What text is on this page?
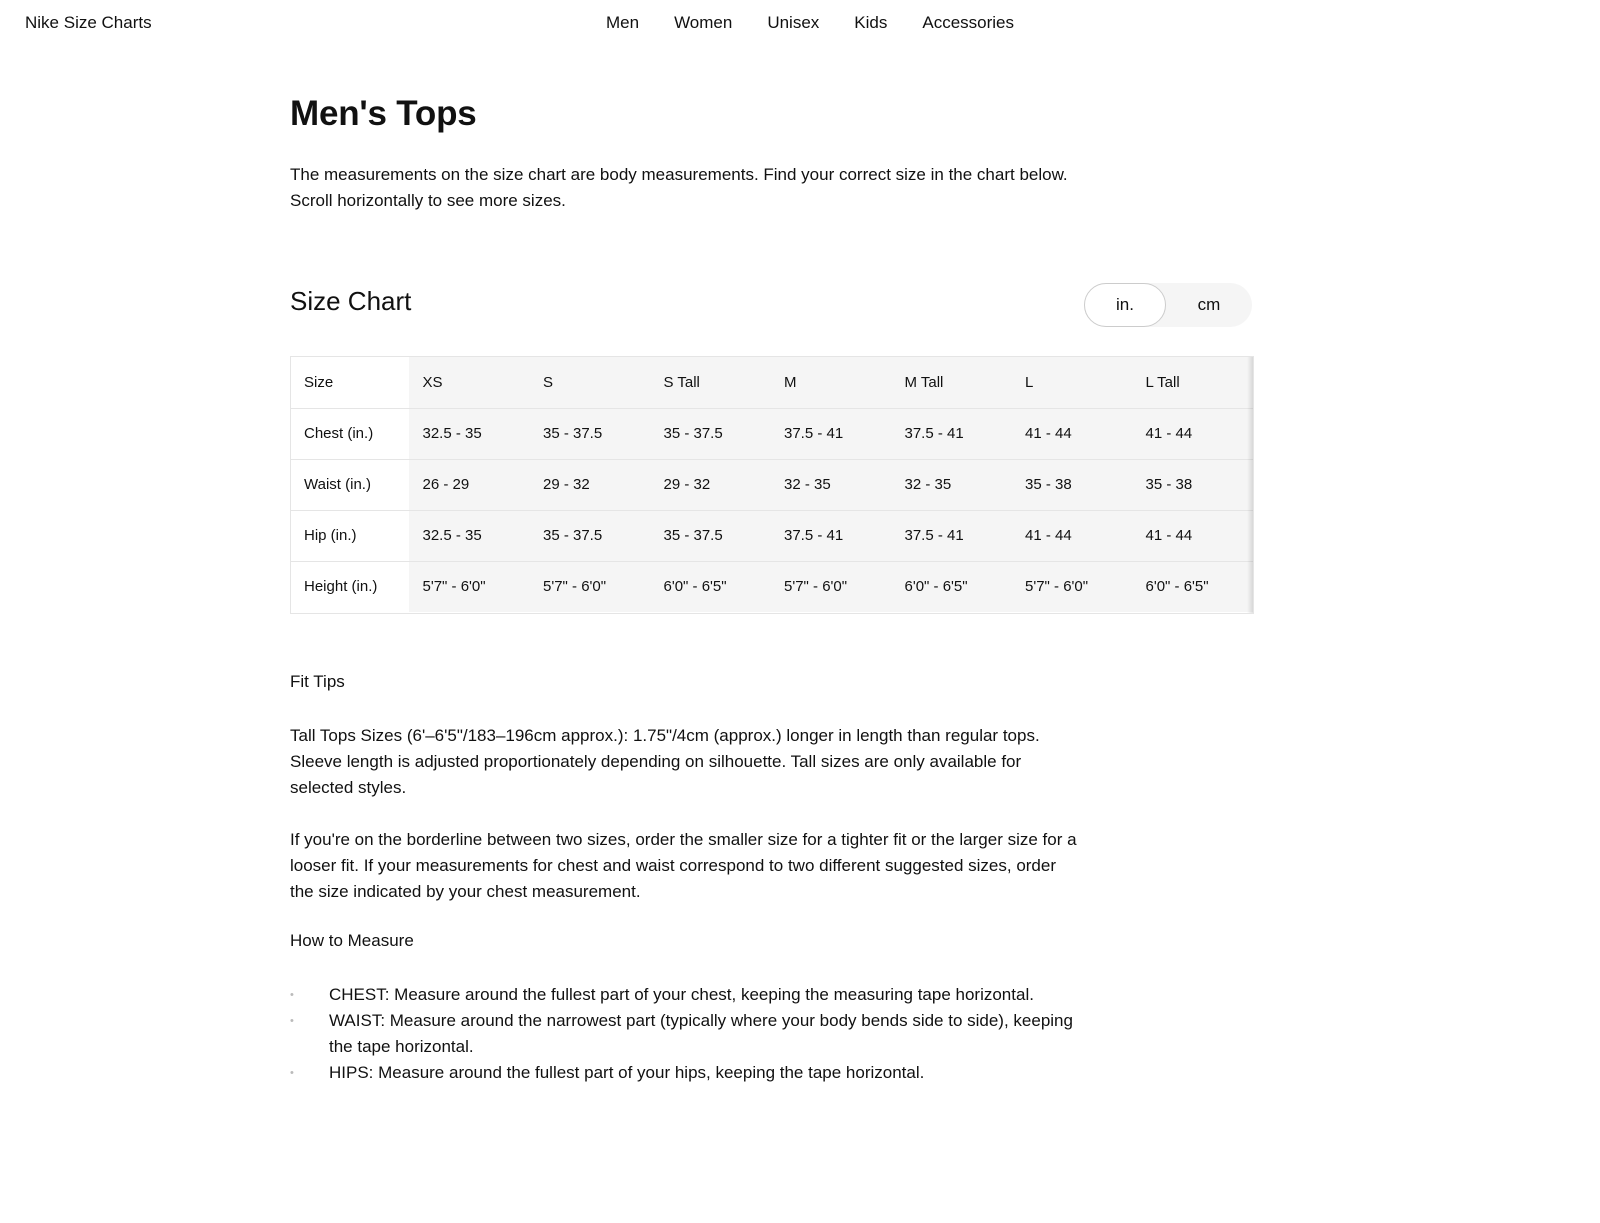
Nike Size Charts	Men Women Unisex Kids Accessories
Men's Tops

The measurements on the size chart are body measurements. Find your correct size in the chart below. Scroll horizontally to see more sizes.

Size Chart	in.	cm
Size	XS	S	S Tall	M	M Tall	L	L Tall
Chest (in.)	32.5 - 35	35 - 37.5	35 - 37.5	37.5 - 41	37.5 - 41	41 - 44	41 - 44
Waist (in.)	26 - 29	29 - 32	29 - 32	32 - 35	32 - 35	35 - 38	35 - 38
Hip (in.)	32.5 - 35	35 - 37.5	35 - 37.5	37.5 - 41	37.5 - 41	41 - 44	41 - 44
Height (in.)	5'7" - 6'0"	5'7" - 6'0"	6'0" - 6'5"	5'7" - 6'0"	6'0" - 6'5"	5'7" - 6'0"	6'0" - 6'5"
Fit Tips

Tall Tops Sizes (6'–6'5"/183–196cm approx.): 1.75"/4cm (approx.) longer in length than regular tops. Sleeve length is adjusted proportionately depending on silhouette. Tall sizes are only available for selected styles.

If you're on the borderline between two sizes, order the smaller size for a tighter fit or the larger size for a looser fit. If your measurements for chest and waist correspond to two different suggested sizes, order the size indicated by your chest measurement.

How to Measure
• CHEST: Measure around the fullest part of your chest, keeping the measuring tape horizontal.
• WAIST: Measure around the narrowest part (typically where your body bends side to side), keeping the tape horizontal.
• HIPS: Measure around the fullest part of your hips, keeping the tape horizontal.
